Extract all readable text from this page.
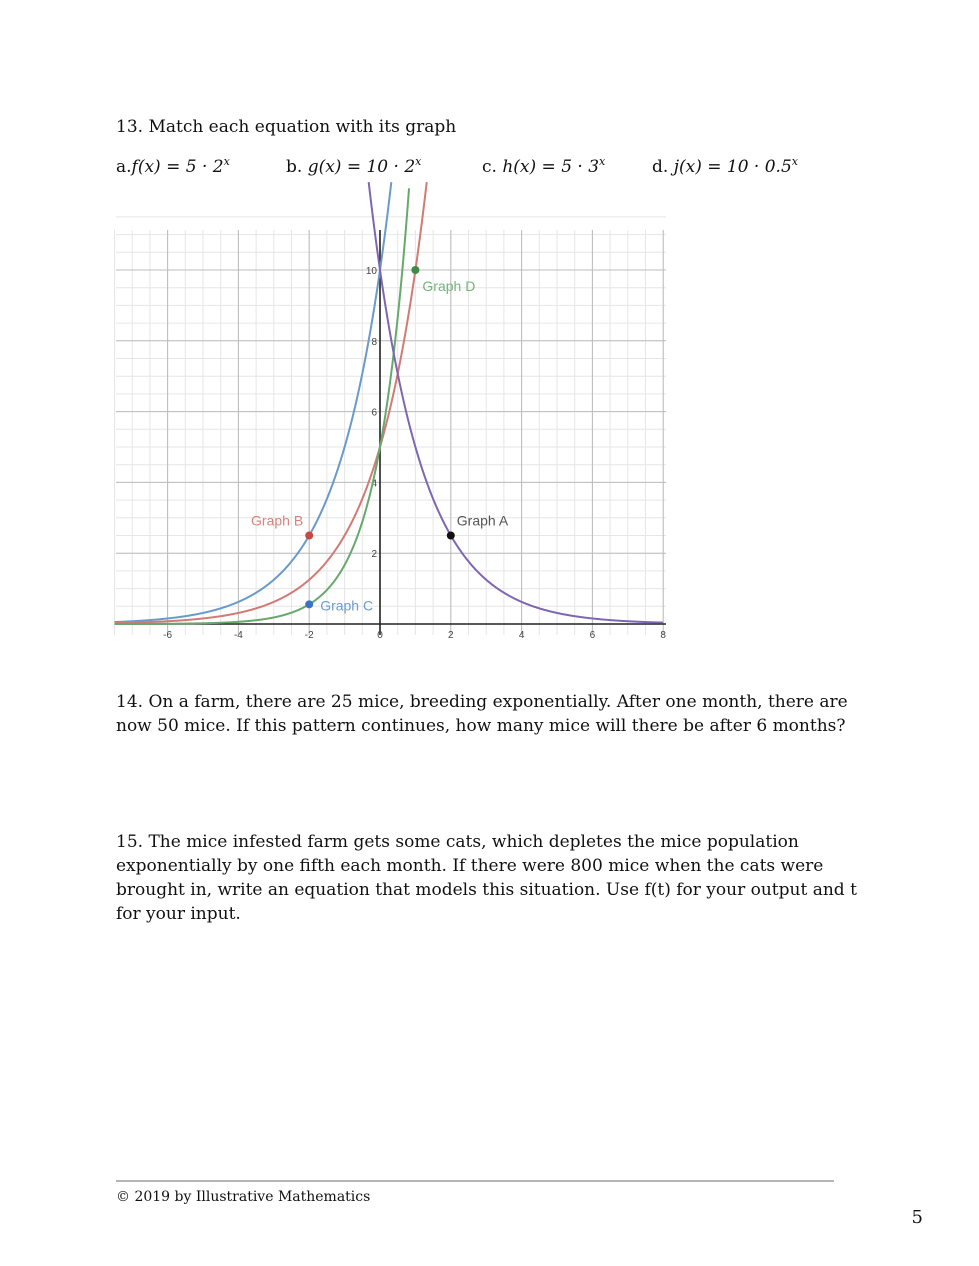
13. Match each equation with its graph
$a.f(x) = 5 \cdot 2^x$	b. $g(x) = 10 \cdot 2^x$	c. $h(x) = 5 \cdot 3^x$	d. $j(x) = 10 \cdot 0.5^x$
2
4
6
8
10
-6	-4	-2	0	2	4	6	8
Graph D
Graph B	Graph A
Graph C
14. On a farm, there are 25 mice, breeding exponentially. After one month, there are now 50 mice. If this pattern continues, how many mice will there be after 6 months?
15. The mice infested farm gets some cats, which depletes the mice population exponentially by one fifth each month. If there were 800 mice when the cats were brought in, write an equation that models this situation. Use f(t) for your output and t for your input.
© 2019 by Illustrative Mathematics
5
